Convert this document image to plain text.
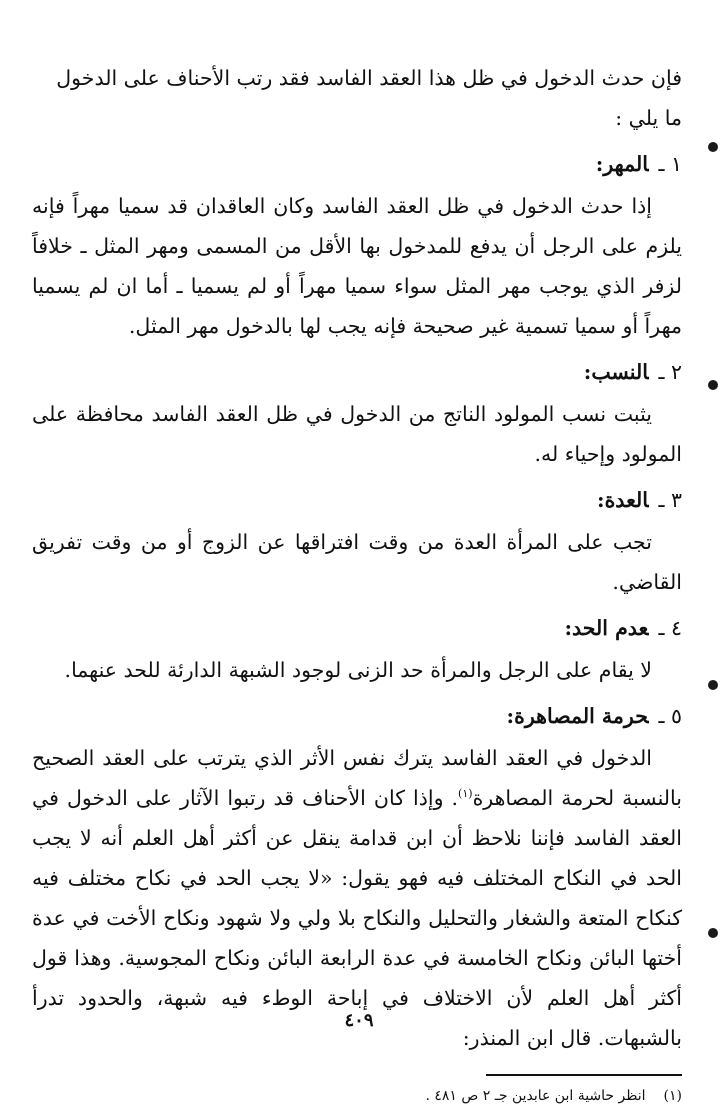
فإن حدث الدخول في ظل هذا العقد الفاسد فقد رتب الأحناف على الدخول
ما يلي :

١ ـالمهر:

إذا حدث الدخول في ظل العقد الفاسد وكان العاقدان قد سميا مهراً فإنه يلزم على الرجل أن يدفع للمدخول بها الأقل من المسمى ومهر المثل ـ خلافاً لزفر الذي يوجب مهر المثل سواء سميا مهراً أو لم يسميا ـ أما ان لم يسميا مهراً أو سميا تسمية غير صحيحة فإنه يجب لها بالدخول مهر المثل.

٢ ـالنسب:

يثبت نسب المولود الناتج من الدخول في ظل العقد الفاسد محافظة على المولود وإحياء له.

٣ ـالعدة:

تجب على المرأة العدة من وقت افتراقها عن الزوج أو من وقت تفريق القاضي.

٤ ـعدم الحد:

لا يقام على الرجل والمرأة حد الزنى لوجود الشبهة الدارئة للحد عنهما.

٥ ـحرمة المصاهرة:

الدخول في العقد الفاسد يترك نفس الأثر الذي يترتب على العقد الصحيح بالنسبة لحرمة المصاهرة$^{(١)}$. وإذا كان الأحناف قد رتبوا الآثار على الدخول في العقد الفاسد فإننا نلاحظ أن ابن قدامة ينقل عن أكثر أهل العلم أنه لا يجب الحد في النكاح المختلف فيه فهو يقول: «لا يجب الحد في نكاح مختلف فيه كنكاح المتعة والشغار والتحليل والنكاح بلا ولي ولا شهود ونكاح الأخت في عدة أختها البائن ونكاح الخامسة في عدة الرابعة البائن ونكاح المجوسية. وهذا قول أكثر أهل العلم لأن الاختلاف في إباحة الوطء فيه شبهة، والحدود تدرأ بالشبهات. قال ابن المنذر:

(١)انظر حاشية ابن عابدين جـ ٢ ص ٤٨١ .

٤٠٩
